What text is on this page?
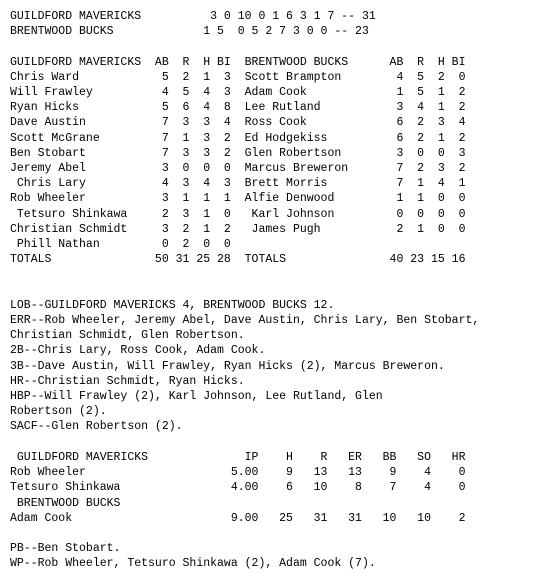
GUILDFORD MAVERICKS          3 0 10 0 1 6 3 1 7 -- 31
BRENTWOOD BUCKS             1 5  0 5 2 7 3 0 0 -- 23

GUILDFORD MAVERICKS  AB  R  H BI  BRENTWOOD BUCKS      AB  R  H BI
Chris Ward            5  2  1  3  Scott Brampton        4  5  2  0
Will Frawley          4  5  4  3  Adam Cook             1  5  1  2
Ryan Hicks            5  6  4  8  Lee Rutland           3  4  1  2
Dave Austin           7  3  3  4  Ross Cook             6  2  3  4
Scott McGrane         7  1  3  2  Ed Hodgekiss          6  2  1  2
Ben Stobart           7  3  3  2  Glen Robertson        3  0  0  3
Jeremy Abel           3  0  0  0  Marcus Breweron       7  2  3  2
Chris Lary           4  3  4  3  Brett Morris          7  1  4  1
Rob Wheeler           3  1  1  1  Alfie Denwood         1  1  0  0
Tetsuro Shinkawa     2  3  1  0   Karl Johnson         0  0  0  0
Christian Schmidt     3  2  1  2   James Pugh           2  1  0  0
Phill Nathan         0  2  0  0
TOTALS               50 31 25 28  TOTALS               40 23 15 16

LOB--GUILDFORD MAVERICKS 4, BRENTWOOD BUCKS 12.
ERR--Rob Wheeler, Jeremy Abel, Dave Austin, Chris Lary, Ben Stobart,
Christian Schmidt, Glen Robertson.
2B--Chris Lary, Ross Cook, Adam Cook.
3B--Dave Austin, Will Frawley, Ryan Hicks (2), Marcus Breweron.
HR--Christian Schmidt, Ryan Hicks.
HBP--Will Frawley (2), Karl Johnson, Lee Rutland, Glen
Robertson (2).
SACF--Glen Robertson (2).

GUILDFORD MAVERICKS              IP    H    R   ER   BB   SO   HR
Rob Wheeler                     5.00    9   13   13    9    4    0
Tetsuro Shinkawa                4.00    6   10    8    7    4    0
BRENTWOOD BUCKS
Adam Cook                       9.00   25   31   31   10   10    2

PB--Ben Stobart.
WP--Rob Wheeler, Tetsuro Shinkawa (2), Adam Cook (7).
